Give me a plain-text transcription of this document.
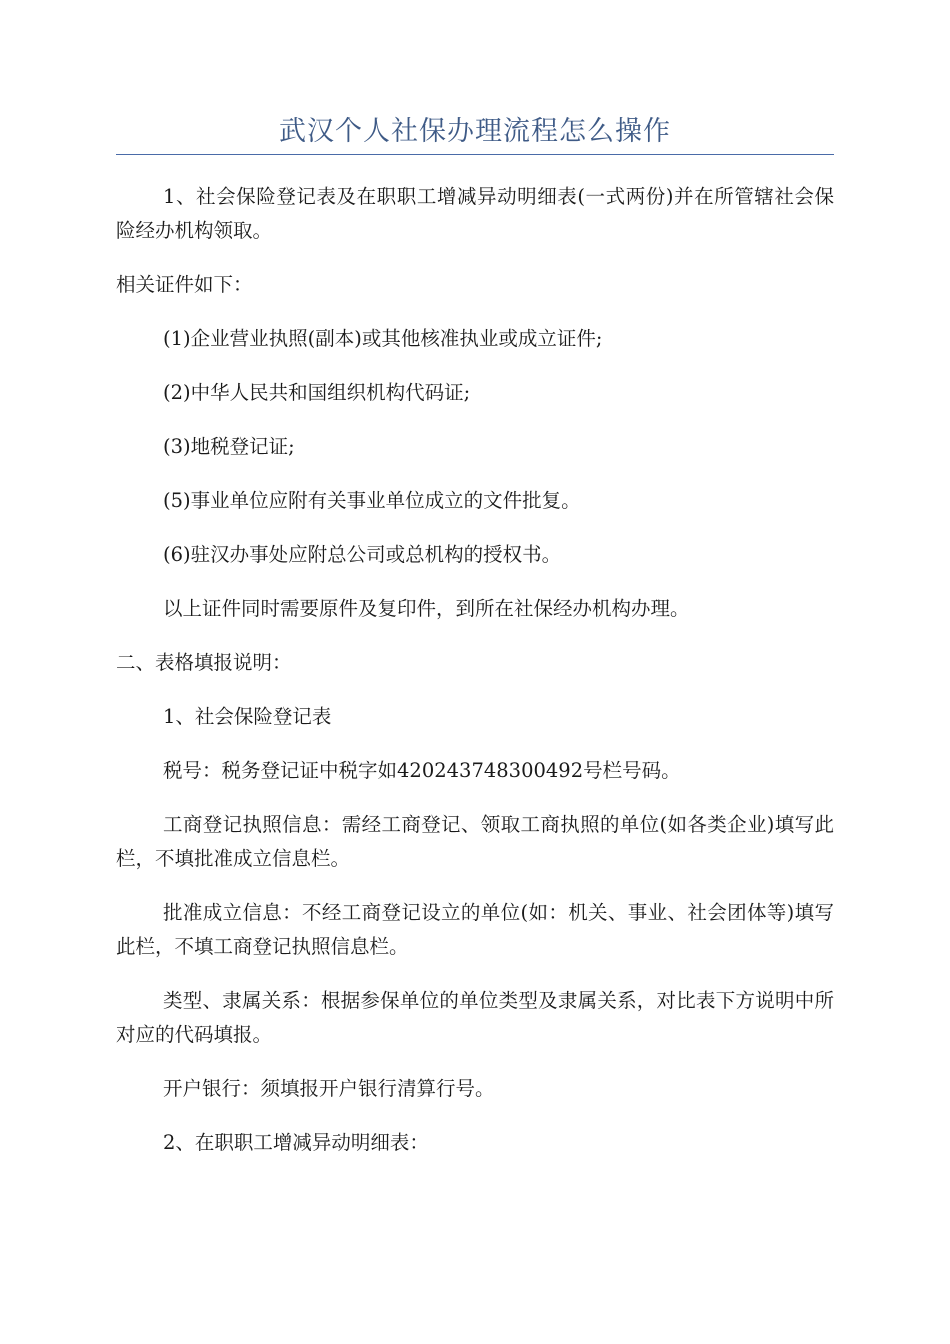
武汉个人社保办理流程怎么操作

1、社会保险登记表及在职职工增减异动明细表(一式两份)并在所管辖社会保险经办机构领取。

相关证件如下：

(1)企业营业执照(副本)或其他核准执业或成立证件;

(2)中华人民共和国组织机构代码证;

(3)地税登记证;

(5)事业单位应附有关事业单位成立的文件批复。

(6)驻汉办事处应附总公司或总机构的授权书。

以上证件同时需要原件及复印件，到所在社保经办机构办理。

二、表格填报说明：

1、社会保险登记表

税号：税务登记证中税字如420243748300492号栏号码。

工商登记执照信息：需经工商登记、领取工商执照的单位(如各类企业)填写此栏，不填批准成立信息栏。

批准成立信息：不经工商登记设立的单位(如：机关、事业、社会团体等)填写此栏，不填工商登记执照信息栏。

类型、隶属关系：根据参保单位的单位类型及隶属关系，对比表下方说明中所对应的代码填报。

开户银行：须填报开户银行清算行号。

2、在职职工增减异动明细表：
